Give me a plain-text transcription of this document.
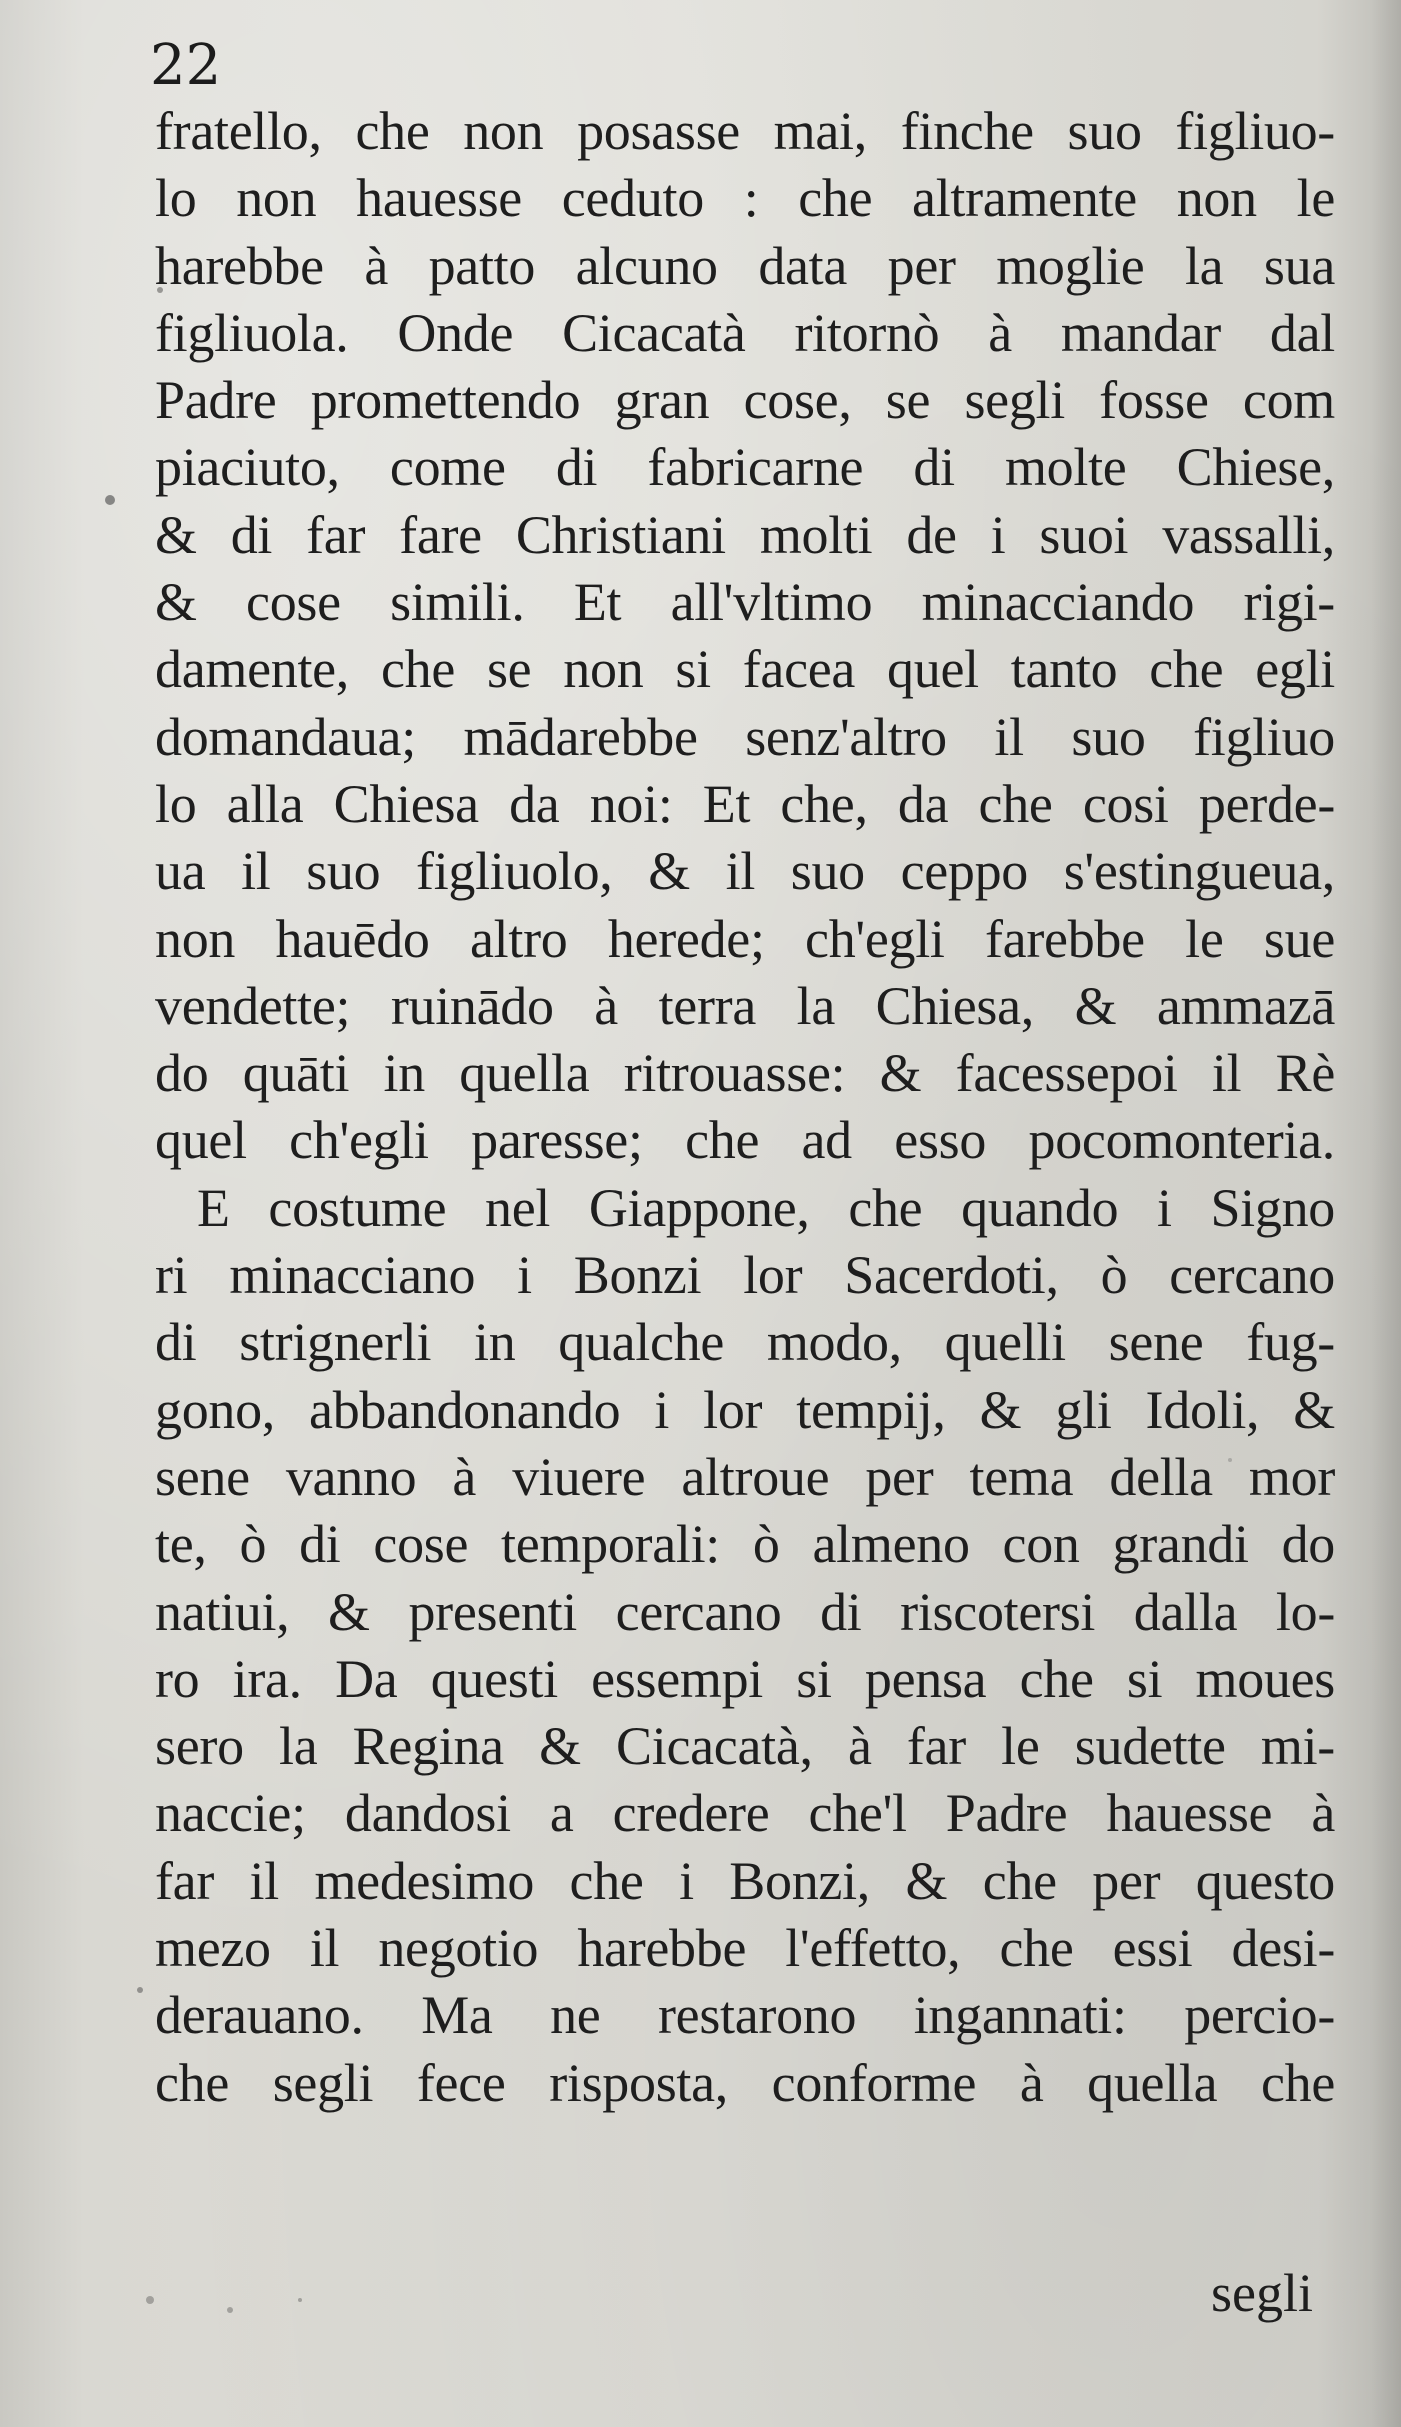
22
fratello, che non posasse mai, finche suo figliuo-
lo non hauesse ceduto : che altramente non le
harebbe à patto alcuno data per moglie la sua
figliuola. Onde Cicacatà ritornò à mandar dal
Padre promettendo gran cose, se segli fosse com
piaciuto, come di fabricarne di molte Chiese,
& di far fare Christiani molti de i suoi vassalli,
& cose simili. Et all'vltimo minacciando rigi-
damente, che se non si facea quel tanto che egli
domandaua; mādarebbe senz'altro il suo figliuo
lo alla Chiesa da noi: Et che, da che cosi perde-
ua il suo figliuolo, & il suo ceppo s'estingueua,
non hauēdo altro herede; ch'egli farebbe le sue
vendette; ruinādo à terra la Chiesa, & ammazā
do quāti in quella ritrouasse: & facessepoi il Rè
quel ch'egli paresse; che ad esso pocomonteria.
E costume nel Giappone, che quando i Signo
ri minacciano i Bonzi lor Sacerdoti, ò cercano
di strignerli in qualche modo, quelli sene fug-
gono, abbandonando i lor tempij, & gli Idoli, &
sene vanno à viuere altroue per tema della mor
te, ò di cose temporali: ò almeno con grandi do
natiui, & presenti cercano di riscotersi dalla lo-
ro ira. Da questi essempi si pensa che si moues
sero la Regina & Cicacatà, à far le sudette mi-
naccie; dandosi a credere che'l Padre hauesse à
far il medesimo che i Bonzi, & che per questo
mezo il negotio harebbe l'effetto, che essi desi-
derauano. Ma ne restarono ingannati: percio-
che segli fece risposta, conforme à quella che
segli
